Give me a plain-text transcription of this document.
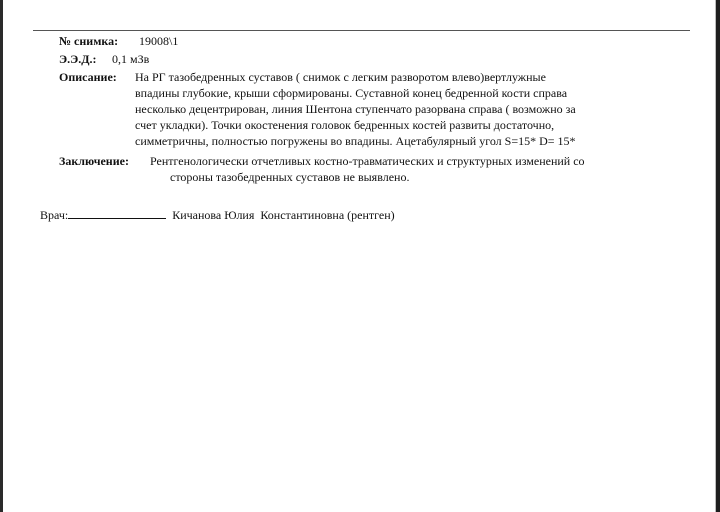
№ снимка: 19008\1
Э.Э.Д.: 0,1 мЗв
Описание: На РГ тазобедренных суставов ( снимок с легким разворотом влево)вертлужные
впадины глубокие, крыши сформированы. Суставной конец бедренной кости справа
несколько децентрирован, линия Шентона ступенчато разорвана справа ( возможно за
счет укладки). Точки окостенения головок бедренных костей развиты достаточно,
симметричны, полностью погружены во впадины. Ацетабулярный угол S=15* D= 15*
Заключение: Рентгенологически отчетливых костно-травматических и структурных изменений со
стороны тазобедренных суставов не выявлено.
Врач:	Кичанова Юлия  Константиновна (рентген)
